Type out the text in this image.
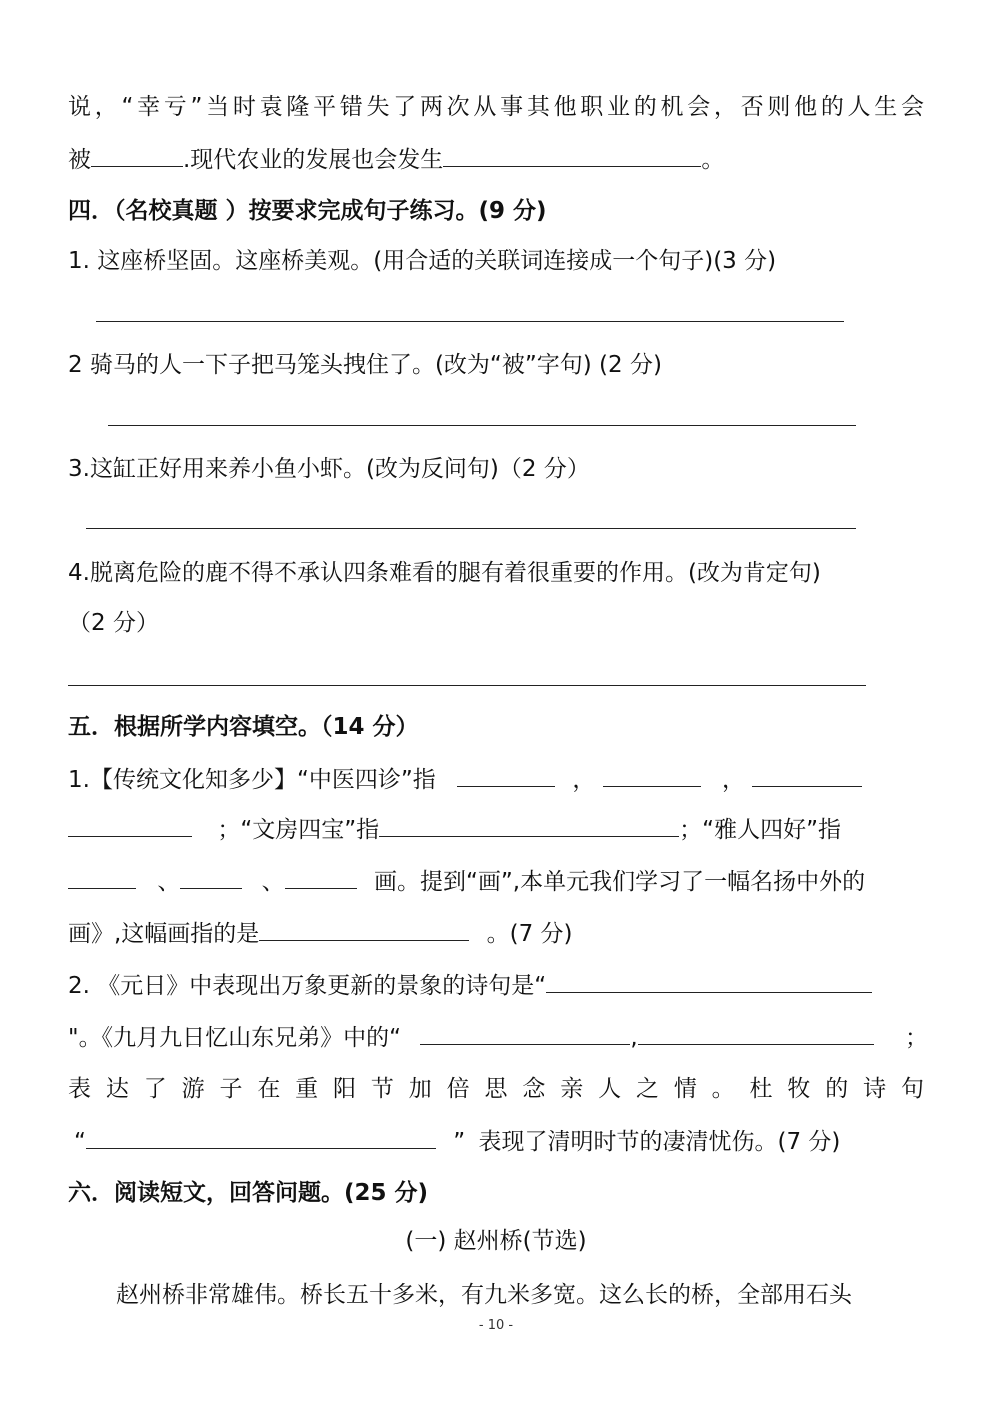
说，“幸亏”当时袁隆平错失了两次从事其他职业的机会，否则他的人生会
被	.现代农业的发展也会发生	。
四．（名校真题 ）按要求完成句子练习。(9 分)
1. 这座桥坚固。这座桥美观。(用合适的关联词连接成一个句子)(3 分)
2 骑马的人一下子把马笼头拽住了。(改为“被”字句) (2 分)
3.这缸正好用来养小鱼小虾。(改为反问句)（2 分）
4.脱离危险的鹿不得不承认四条难看的腿有着很重要的作用。(改为肯定句)
（2 分）
五．根据所学内容填空。（14 分）
1.【传统文化知多少】“中医四诊”指	，	，
；“文房四宝”指	；“雅人四好”指
、	、	画。提到“画”,本单元我们学习了一幅名扬中外的
画》,这幅画指的是	。(7 分)
2. 《元日》中表现出万象更新的景象的诗句是“
"。《九月九日忆山东兄弟》中的“	,	；
表达了游子在重阳节加倍思念亲人之情。杜牧的诗句
“	” 表现了清明时节的凄清忧伤。(7 分)
六．阅读短文，回答问题。(25 分)
(一) 赵州桥(节选)
赵州桥非常雄伟。桥长五十多米，有九米多宽。这么长的桥，全部用石头
- 10 -
